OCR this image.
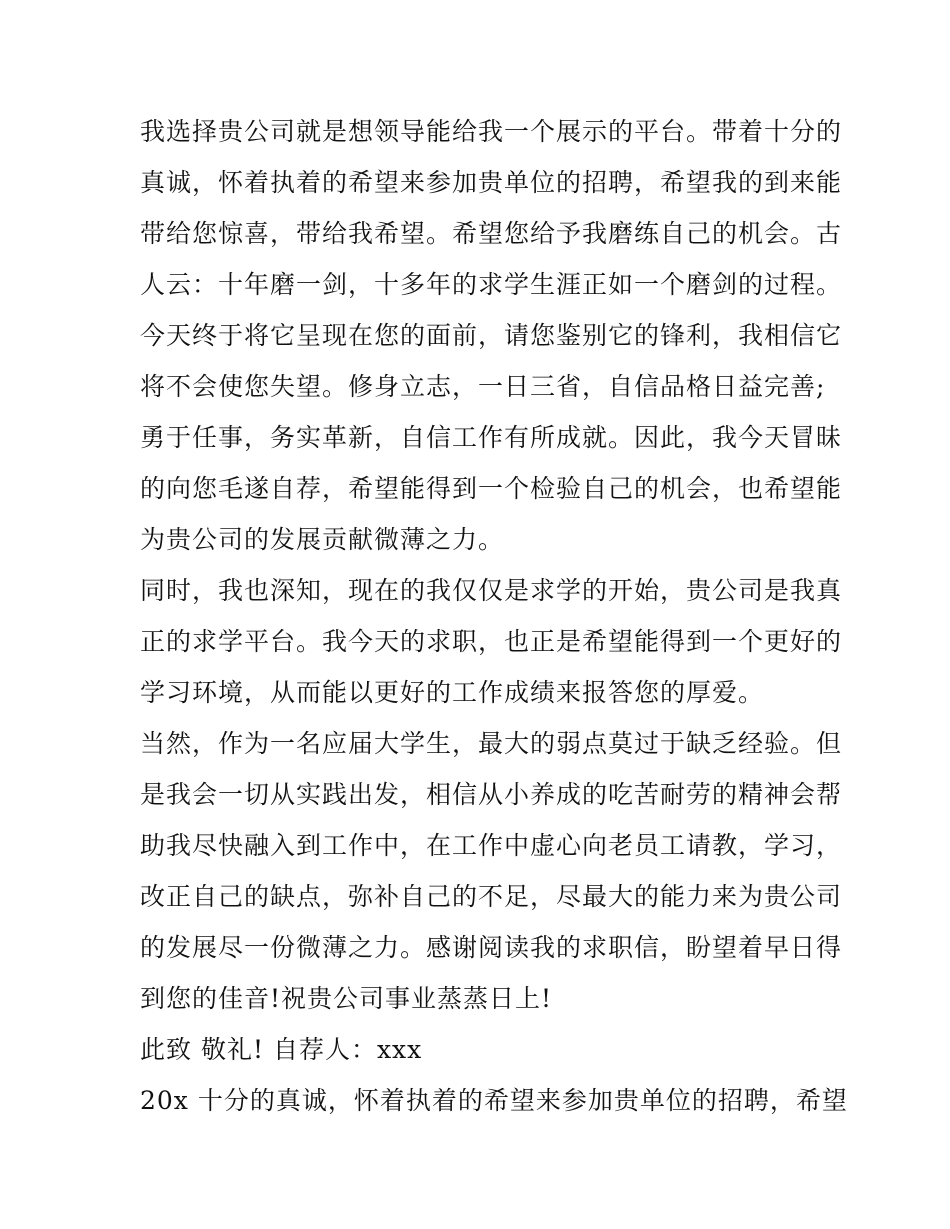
我选择贵公司就是想领导能给我一个展示的平台。带着十分的
真诚，怀着执着的希望来参加贵单位的招聘，希望我的到来能
带给您惊喜，带给我希望。希望您给予我磨练自己的机会。古
人云：十年磨一剑，十多年的求学生涯正如一个磨剑的过程。
今天终于将它呈现在您的面前，请您鉴别它的锋利，我相信它
将不会使您失望。修身立志，一日三省，自信品格日益完善;
勇于任事，务实革新，自信工作有所成就。因此，我今天冒昧
的向您毛遂自荐，希望能得到一个检验自己的机会，也希望能
为贵公司的发展贡献微薄之力。
同时，我也深知，现在的我仅仅是求学的开始，贵公司是我真
正的求学平台。我今天的求职，也正是希望能得到一个更好的
学习环境，从而能以更好的工作成绩来报答您的厚爱。
当然，作为一名应届大学生，最大的弱点莫过于缺乏经验。但
是我会一切从实践出发，相信从小养成的吃苦耐劳的精神会帮
助我尽快融入到工作中，在工作中虚心向老员工请教，学习，
改正自己的缺点，弥补自己的不足，尽最大的能力来为贵公司
的发展尽一份微薄之力。感谢阅读我的求职信，盼望着早日得
到您的佳音!祝贵公司事业蒸蒸日上!
此致 敬礼! 自荐人：xxx
20x 十分的真诚，怀着执着的希望来参加贵单位的招聘，希望
